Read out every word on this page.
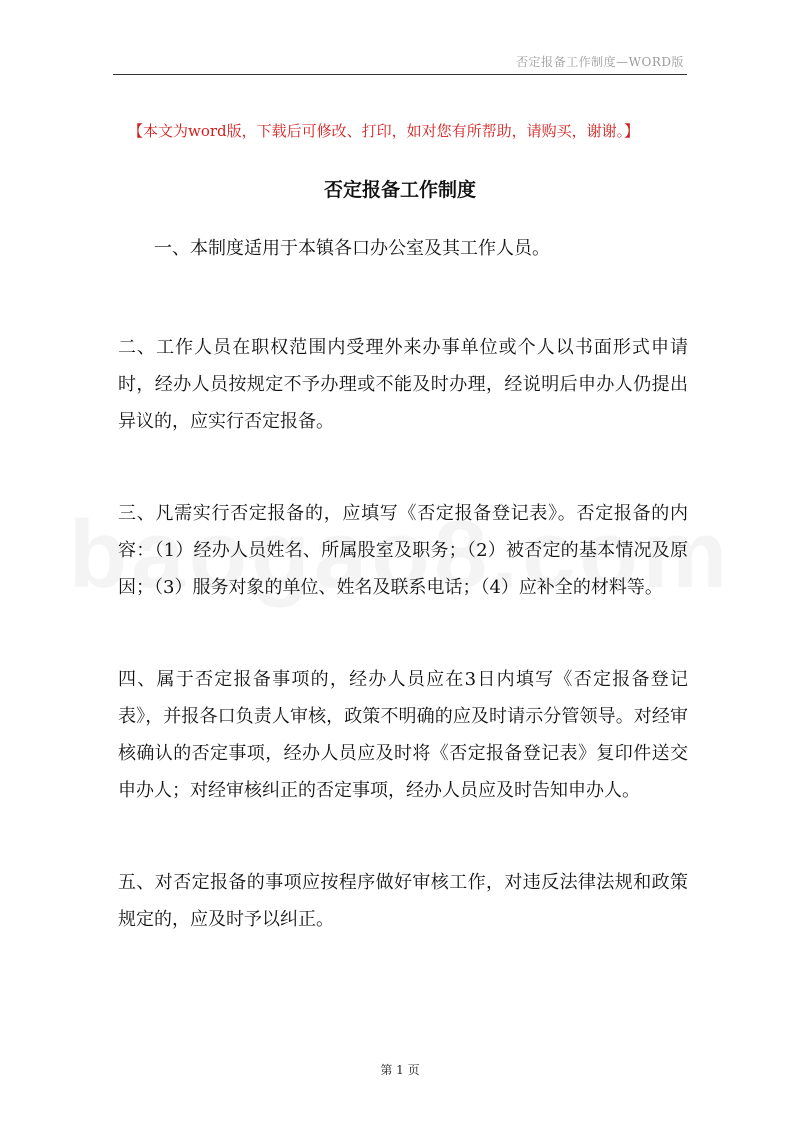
否定报备工作制度—WORD版
【本文为word版，下载后可修改、打印，如对您有所帮助，请购买，谢谢。】
否定报备工作制度

一、本制度适用于本镇各口办公室及其工作人员。

二、工作人员在职权范围内受理外来办事单位或个人以书面形式申请时，经办人员按规定不予办理或不能及时办理，经说明后申办人仍提出异议的，应实行否定报备。

三、凡需实行否定报备的，应填写《否定报备登记表》。否定报备的内容：（1）经办人员姓名、所属股室及职务；（2）被否定的基本情况及原因；（3）服务对象的单位、姓名及联系电话；（4）应补全的材料等。

四、属于否定报备事项的，经办人员应在3日内填写《否定报备登记表》，并报各口负责人审核，政策不明确的应及时请示分管领导。对经审核确认的否定事项，经办人员应及时将《否定报备登记表》复印件送交申办人；对经审核纠正的否定事项，经办人员应及时告知申办人。

五、对否定报备的事项应按程序做好审核工作，对违反法律法规和政策规定的，应及时予以纠正。

第 1 页
